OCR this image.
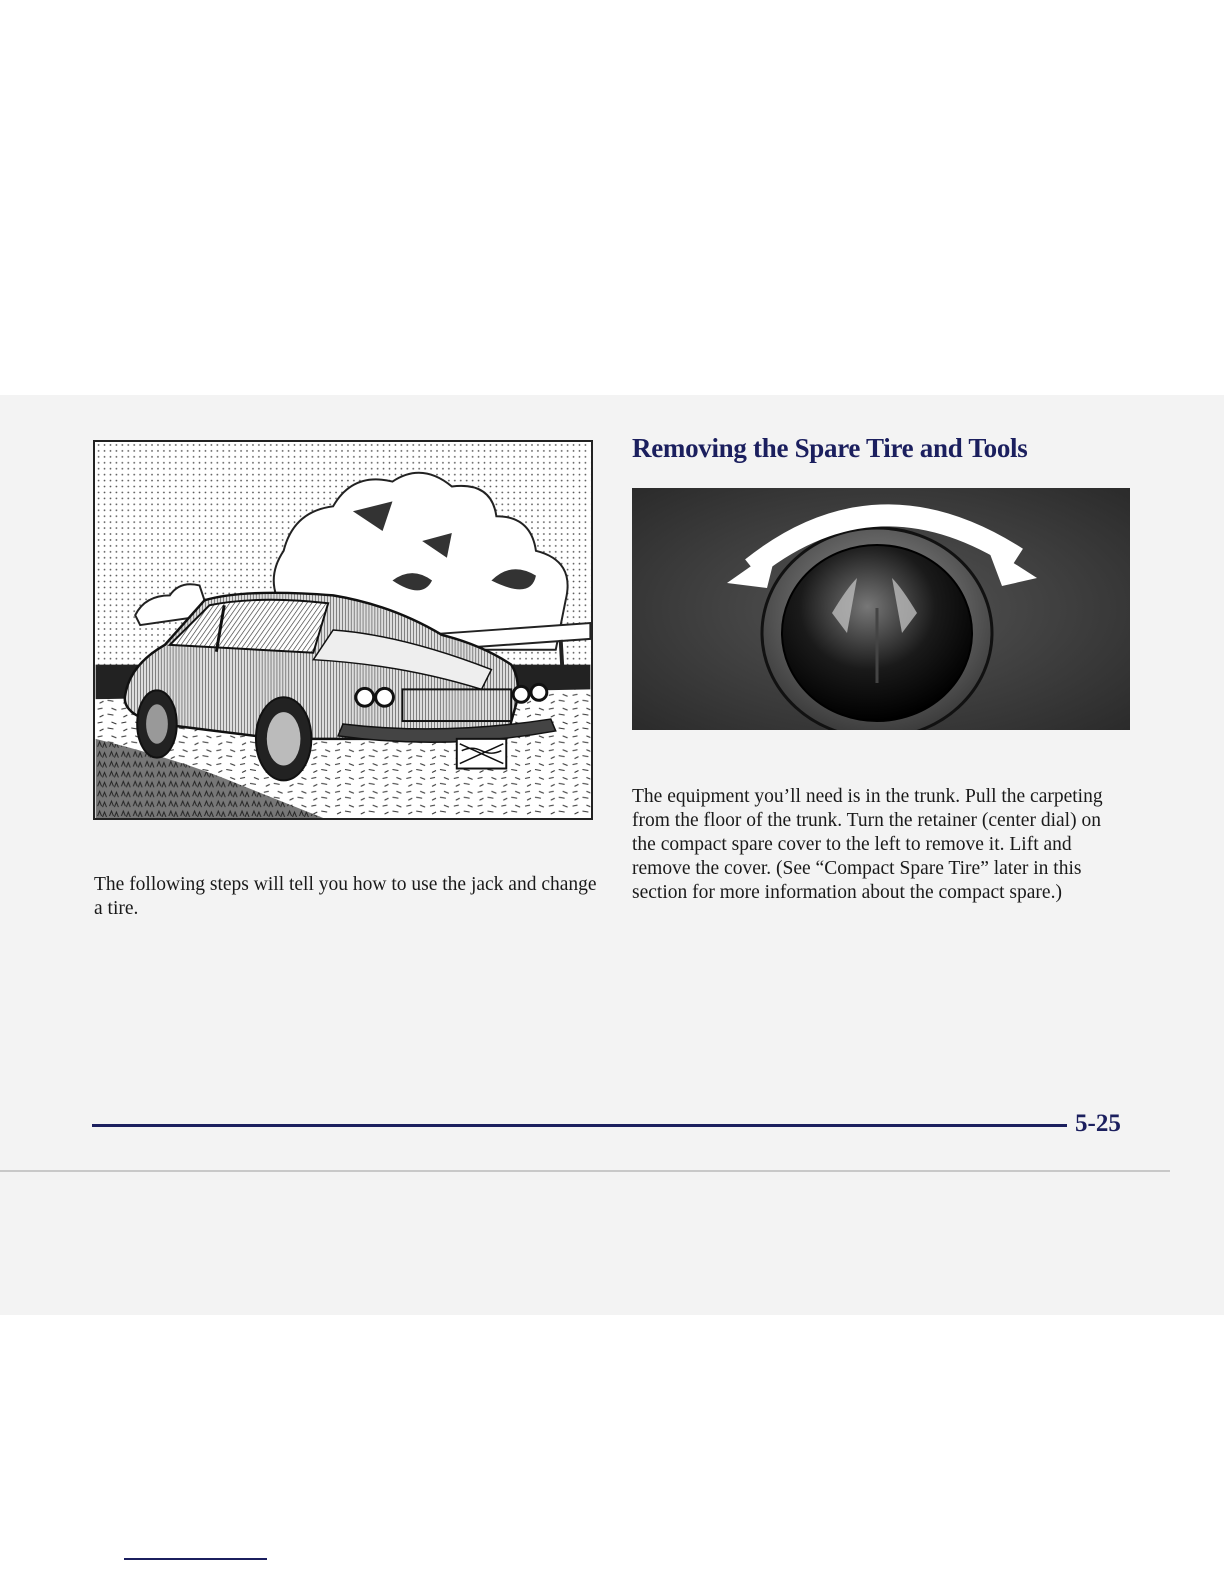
The following steps will tell you how to use the jack and change a tire.

Removing the Spare Tire and Tools

The equipment you’ll need is in the trunk. Pull the carpeting from the floor of the trunk. Turn the retainer (center dial) on the compact spare cover to the left to remove it. Lift and remove the cover. (See “Compact Spare Tire” later in this section for more information about the compact spare.)

5-25
